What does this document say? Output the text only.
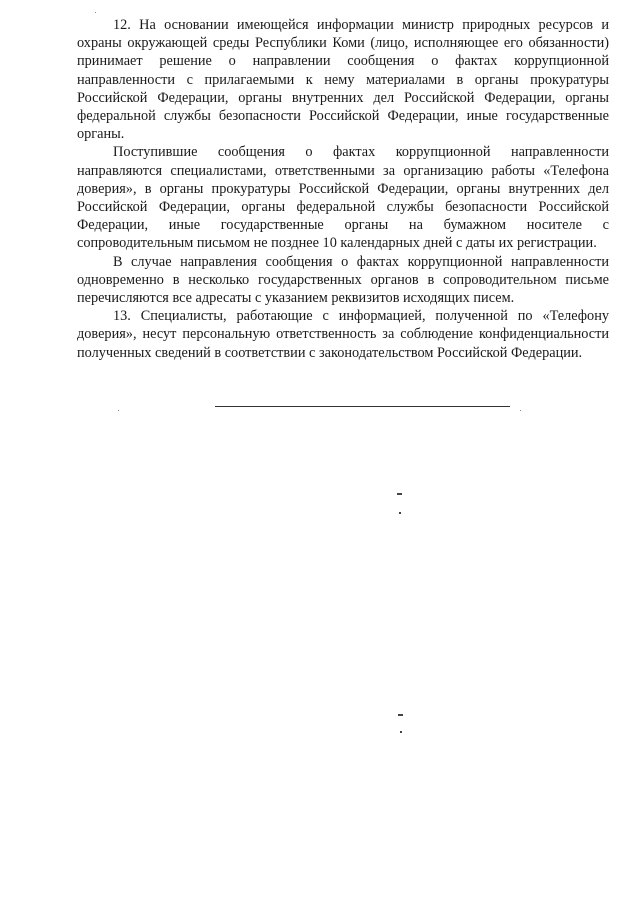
12. На основании имеющейся информации министр природных ресурсов и охраны окружающей среды Республики Коми (лицо, исполняющее его обязанности) принимает решение о направлении сообщения о фактах коррупционной направленности с прилагаемыми к нему материалами в органы прокуратуры Российской Федерации, органы внутренних дел Российской Федерации, органы федеральной службы безопасности Российской Федерации, иные государственные органы.

Поступившие сообщения о фактах коррупционной направленности направляются специалистами, ответственными за организацию работы «Телефона доверия», в органы прокуратуры Российской Федерации, органы внутренних дел Российской Федерации, органы федеральной службы безопасности Российской Федерации, иные государственные органы на бумажном носителе с сопроводительным письмом не позднее 10 календарных дней с даты их регистрации.

В случае направления сообщения о фактах коррупционной направленности одновременно в несколько государственных органов в сопроводительном письме перечисляются все адресаты с указанием реквизитов исходящих писем.

13. Специалисты, работающие с информацией, полученной по «Телефону доверия», несут персональную ответственность за соблюдение конфиденциальности полученных сведений в соответствии с законодательством Российской Федерации.
